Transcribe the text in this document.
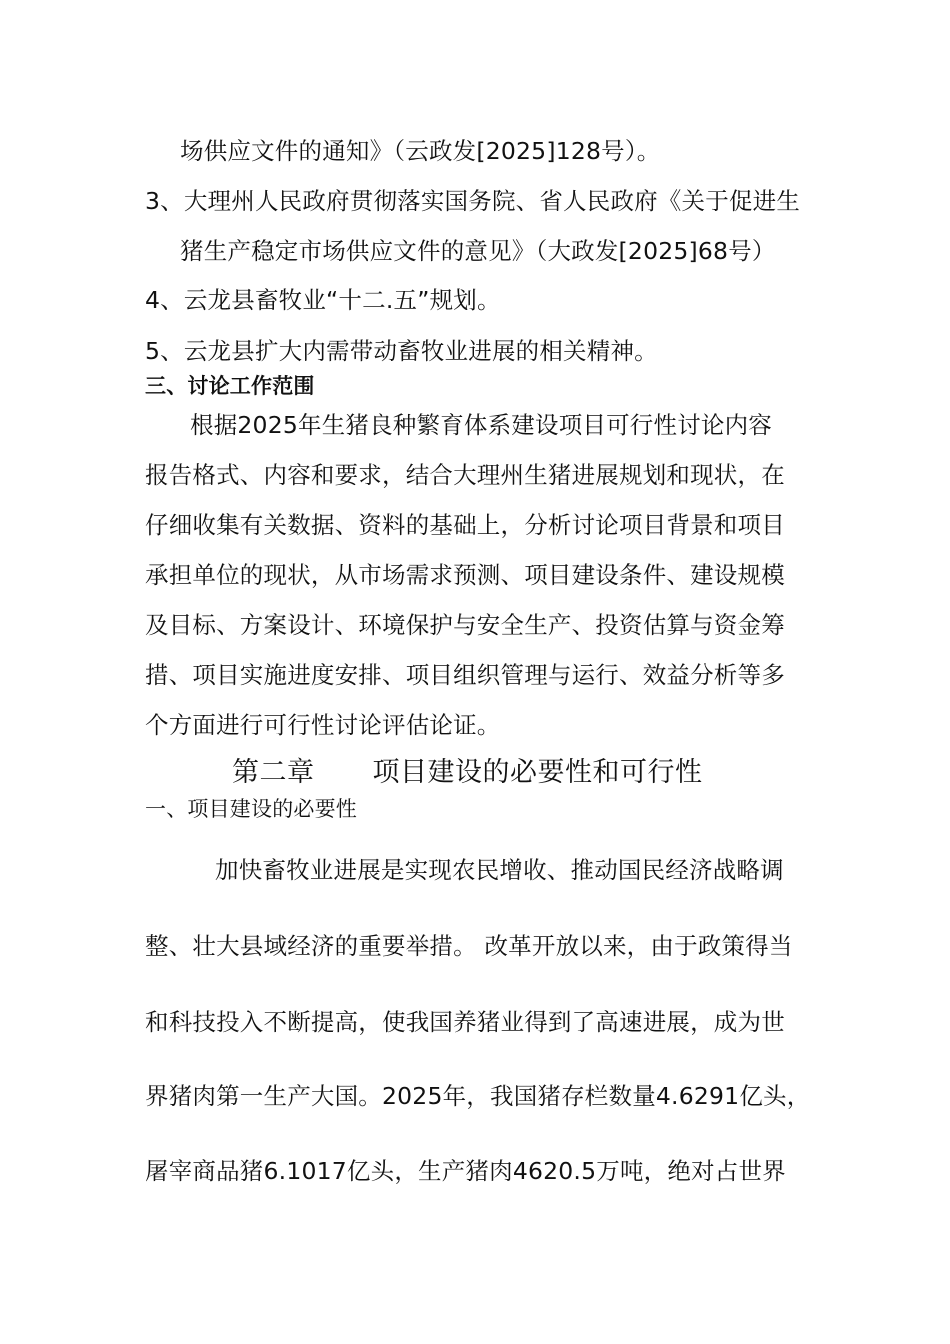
场供应文件的通知》（云政发[2025]128号）。
3、大理州人民政府贯彻落实国务院、省人民政府《关于促进生
猪生产稳定市场供应文件的意见》（大政发[2025]68号）
4、云龙县畜牧业“十二.五”规划。
5、云龙县扩大内需带动畜牧业进展的相关精神。
三、讨论工作范围
根据2025年生猪良种繁育体系建设项目可行性讨论内容
报告格式、内容和要求，结合大理州生猪进展规划和现状，在
仔细收集有关数据、资料的基础上，分析讨论项目背景和项目
承担单位的现状，从市场需求预测、项目建设条件、建设规模
及目标、方案设计、环境保护与安全生产、投资估算与资金筹
措、项目实施进度安排、项目组织管理与运行、效益分析等多
个方面进行可行性讨论评估论证。
第二章 项目建设的必要性和可行性
一、项目建设的必要性
加快畜牧业进展是实现农民增收、推动国民经济战略调
整、壮大县域经济的重要举措。 改革开放以来，由于政策得当
和科技投入不断提高，使我国养猪业得到了高速进展，成为世
界猪肉第一生产大国。2025年，我国猪存栏数量4.6291亿头，
屠宰商品猪6.1017亿头，生产猪肉4620.5万吨，绝对占世界
